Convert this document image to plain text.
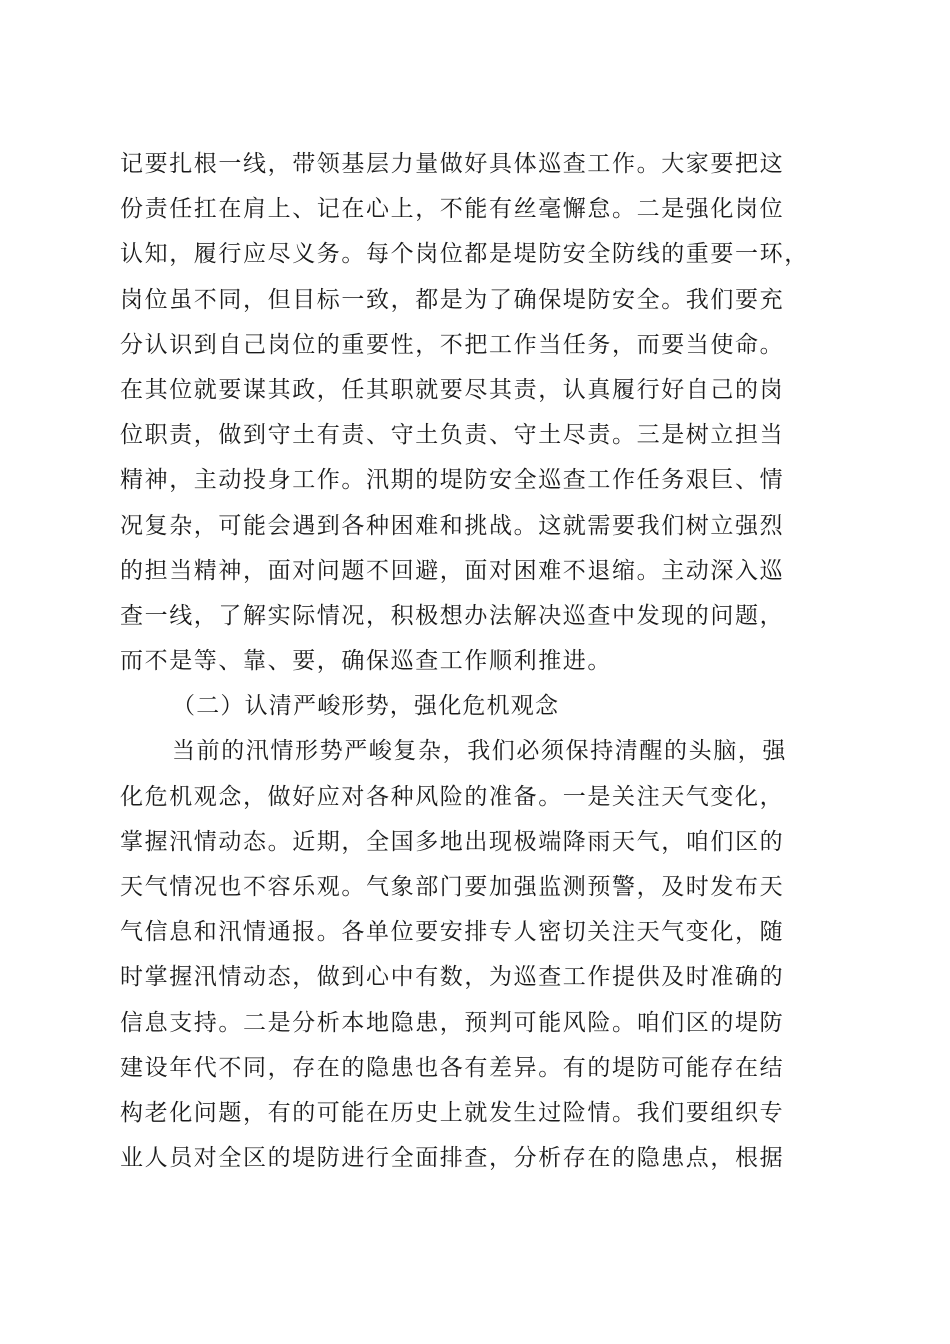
记要扎根一线，带领基层力量做好具体巡查工作。大家要把这
份责任扛在肩上、记在心上，不能有丝毫懈怠。二是强化岗位
认知，履行应尽义务。每个岗位都是堤防安全防线的重要一环，
岗位虽不同，但目标一致，都是为了确保堤防安全。我们要充
分认识到自己岗位的重要性，不把工作当任务，而要当使命。
在其位就要谋其政，任其职就要尽其责，认真履行好自己的岗
位职责，做到守土有责、守土负责、守土尽责。三是树立担当
精神，主动投身工作。汛期的堤防安全巡查工作任务艰巨、情
况复杂，可能会遇到各种困难和挑战。这就需要我们树立强烈
的担当精神，面对问题不回避，面对困难不退缩。主动深入巡
查一线，了解实际情况，积极想办法解决巡查中发现的问题，
而不是等、靠、要，确保巡查工作顺利推进。
（二）认清严峻形势，强化危机观念
当前的汛情形势严峻复杂，我们必须保持清醒的头脑，强
化危机观念，做好应对各种风险的准备。一是关注天气变化，
掌握汛情动态。近期，全国多地出现极端降雨天气，咱们区的
天气情况也不容乐观。气象部门要加强监测预警，及时发布天
气信息和汛情通报。各单位要安排专人密切关注天气变化，随
时掌握汛情动态，做到心中有数，为巡查工作提供及时准确的
信息支持。二是分析本地隐患，预判可能风险。咱们区的堤防
建设年代不同，存在的隐患也各有差异。有的堤防可能存在结
构老化问题，有的可能在历史上就发生过险情。我们要组织专
业人员对全区的堤防进行全面排查，分析存在的隐患点，根据
